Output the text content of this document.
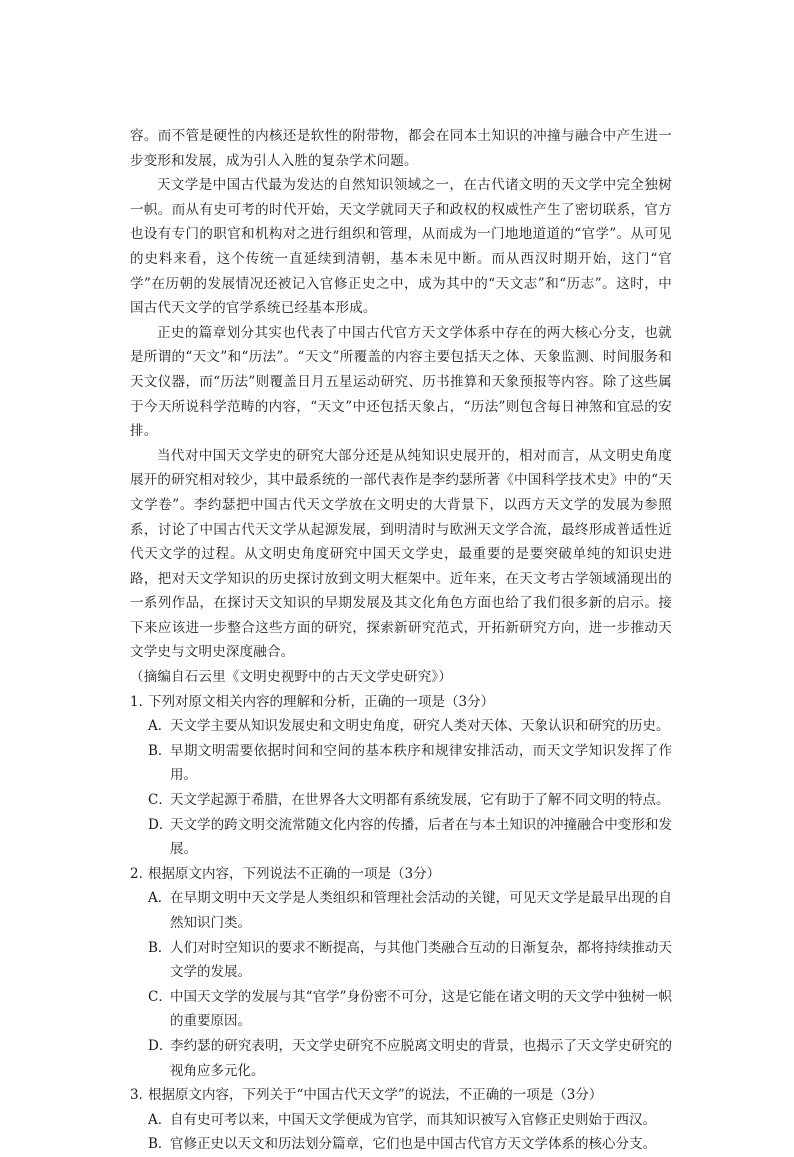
容。而不管是硬性的内核还是软性的附带物，都会在同本土知识的冲撞与融合中产生进一步变形和发展，成为引人入胜的复杂学术问题。

天文学是中国古代最为发达的自然知识领域之一，在古代诸文明的天文学中完全独树一帜。而从有史可考的时代开始，天文学就同天子和政权的权威性产生了密切联系，官方也设有专门的职官和机构对之进行组织和管理，从而成为一门地地道道的“官学”。从可见的史料来看，这个传统一直延续到清朝，基本未见中断。而从西汉时期开始，这门“官学”在历朝的发展情况还被记入官修正史之中，成为其中的“天文志”和“历志”。这时，中国古代天文学的官学系统已经基本形成。

正史的篇章划分其实也代表了中国古代官方天文学体系中存在的两大核心分支，也就是所谓的“天文”和“历法”。“天文”所覆盖的内容主要包括天之体、天象监测、时间服务和天文仪器，而“历法”则覆盖日月五星运动研究、历书推算和天象预报等内容。除了这些属于今天所说科学范畴的内容，“天文”中还包括天象占，“历法”则包含每日神煞和宜忌的安排。

当代对中国天文学史的研究大部分还是从纯知识史展开的，相对而言，从文明史角度展开的研究相对较少，其中最系统的一部代表作是李约瑟所著《中国科学技术史》中的“天文学卷”。李约瑟把中国古代天文学放在文明史的大背景下，以西方天文学的发展为参照系，讨论了中国古代天文学从起源发展，到明清时与欧洲天文学合流，最终形成普适性近代天文学的过程。从文明史角度研究中国天文学史，最重要的是要突破单纯的知识史进路，把对天文学知识的历史探讨放到文明大框架中。近年来，在天文考古学领域涌现出的一系列作品，在探讨天文知识的早期发展及其文化角色方面也给了我们很多新的启示。接下来应该进一步整合这些方面的研究，探索新研究范式，开拓新研究方向，进一步推动天文学史与文明史深度融合。

（摘编自石云里《文明史视野中的古天文学史研究》）

1．
下列对原文相关内容的理解和分析，正确的一项是（3分）
A．
天文学主要从知识发展史和文明史角度，研究人类对天体、天象认识和研究的历史。
B．
早期文明需要依据时间和空间的基本秩序和规律安排活动，而天文学知识发挥了作用。
C．
天文学起源于希腊，在世界各大文明都有系统发展，它有助于了解不同文明的特点。
D．
天文学的跨文明交流常随文化内容的传播，后者在与本土知识的冲撞融合中变形和发展。
2．
根据原文内容，下列说法不正确的一项是（3分）
A．
在早期文明中天文学是人类组织和管理社会活动的关键，可见天文学是最早出现的自然知识门类。
B．
人们对时空知识的要求不断提高，与其他门类融合互动的日渐复杂，都将持续推动天文学的发展。
C．
中国天文学的发展与其“官学”身份密不可分，这是它能在诸文明的天文学中独树一帜的重要原因。
D．
李约瑟的研究表明，天文学史研究不应脱离文明史的背景，也揭示了天文学史研究的视角应多元化。
3．
根据原文内容，下列关于“中国古代天文学”的说法，不正确的一项是（3分）
A．
自有史可考以来，中国天文学便成为官学，而其知识被写入官修正史则始于西汉。
B．
官修正史以天文和历法划分篇章，它们也是中国古代官方天文学体系的核心分支。
